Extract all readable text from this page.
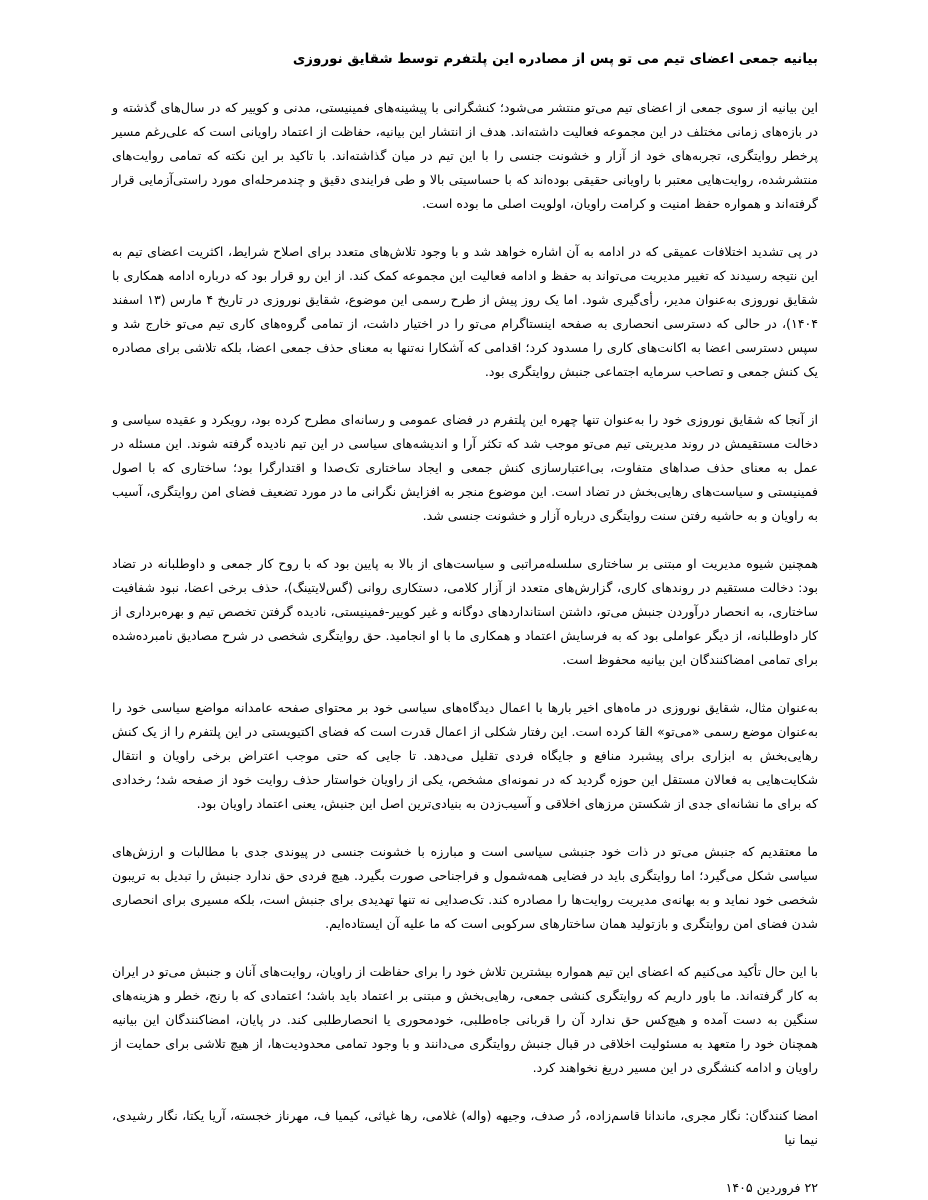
بیانیه جمعی اعضای تیم می تو پس از مصادره این پلتفرم توسط شقایق نوروزی

این بیانیه از سوی جمعی از اعضای تیم می‌تو منتشر می‌شود؛ کنشگرانی با پیشینه‌های فمینیستی، مدنی و کوییر که در سال‌های گذشته و در بازه‌های زمانی مختلف در این مجموعه فعالیت داشته‌اند. هدف از انتشار این بیانیه، حفاظت از اعتماد راویانی است که علی‌رغم مسیر پرخطر روایتگری، تجربه‌های خود از آزار و خشونت جنسی را با این تیم در میان گذاشته‌اند. با تاکید بر این نکته که تمامی روایت‌های منتشرشده، روایت‌هایی معتبر با راویانی حقیقی بوده‌اند که با حساسیتی بالا و طی فرایندی دقیق و چندمرحله‌ای مورد راستی‌آزمایی قرار گرفته‌اند و همواره حفظ امنیت و کرامت راویان، اولویت اصلی ما بوده است.

در پی تشدید اختلافات عمیقی که در ادامه به آن اشاره خواهد شد و با وجود تلاش‌های متعدد برای اصلاح شرایط، اکثریت اعضای تیم به این نتیجه رسیدند که تغییر مدیریت می‌تواند به حفظ و ادامه فعالیت این مجموعه کمک کند. از این رو قرار بود که درباره ادامه همکاری با شقایق نوروزی به‌عنوان مدیر، رأی‌گیری شود. اما یک روز پیش از طرح رسمی این موضوع، شقایق نوروزی در تاریخ ۴ مارس (۱۳ اسفند ۱۴۰۴)، در حالی که دسترسی انحصاری به صفحه اینستاگرام می‌تو را در اختیار داشت، از تمامی گروه‌های کاری تیم می‌تو خارج شد و سپس دسترسی اعضا به اکانت‌های کاری را مسدود کرد؛ اقدامی که آشکارا نه‌تنها به معنای حذف جمعی اعضا، بلکه تلاشی برای مصادره یک کنش جمعی و تصاحب سرمایه اجتماعی جنبش روایتگری بود.

از آنجا که شقایق نوروزی خود را به‌عنوان تنها چهره این پلتفرم در فضای عمومی و رسانه‌ای مطرح کرده بود، رویکرد و عقیده سیاسی و دخالت مستقیمش در روند مدیریتی تیم می‌تو موجب شد که تکثر آرا و اندیشه‌های سیاسی در این تیم نادیده گرفته شوند. این مسئله در عمل به معنای حذف صداهای متفاوت، بی‌اعتبارسازی کنش جمعی و ایجاد ساختاری تک‌صدا و اقتدارگرا بود؛ ساختاری که با اصول فمینیستی و سیاست‌های رهایی‌بخش در تضاد است. این موضوع منجر به افزایش نگرانی ما در مورد تضعیف فضای امن روایتگری، آسیب به راویان و به حاشیه رفتن سنت روایتگری درباره آزار و خشونت جنسی شد.

همچنین شیوه مدیریت او مبتنی بر ساختاری سلسله‌مراتبی و سیاست‌های از بالا به پایین بود که با روح کار جمعی و داوطلبانه در تضاد بود: دخالت مستقیم در روندهای کاری، گزارش‌های متعدد از آزار کلامی، دستکاری روانی (گس‌لایتینگ)، حذف برخی اعضا، نبود شفافیت ساختاری، به انحصار درآوردن جنبش می‌تو، داشتن استانداردهای دوگانه و غیر کوییر-فمینیستی، نادیده گرفتن تخصص تیم و بهره‌برداری از کار داوطلبانه، از دیگر عواملی بود که به فرسایش اعتماد و همکاری ما با او انجامید. حق روایتگری شخصی در شرح مصادیق نامبرده‌شده برای تمامی امضاکنندگان این بیانیه محفوظ است.

به‌عنوان مثال، شقایق نوروزی در ماه‌های اخیر بارها با اعمال دیدگاه‌های سیاسی خود بر محتوای صفحه عامدانه مواضع سیاسی خود را به‌عنوان موضع رسمی «می‌تو» القا کرده است. این رفتار شکلی از اعمال قدرت است که فضای اکتیویستی در این پلتفرم را از یک کنش رهایی‌بخش به ابزاری برای پیشبرد منافع و جایگاه فردی تقلیل می‌دهد. تا جایی که حتی موجب اعتراض برخی راویان و انتقال شکایت‌هایی به فعالان مستقل این حوزه گردید که در نمونه‌ای مشخص، یکی از راویان خواستار حذف روایت خود از صفحه شد؛ رخدادی که برای ما نشانه‌ای جدی از شکستن مرزهای اخلاقی و آسیب‌زدن به بنیادی‌ترین اصل این جنبش، یعنی اعتماد راویان بود.

ما معتقدیم که جنبش می‌تو در ذات خود جنبشی سیاسی است و مبارزه با خشونت جنسی در پیوندی جدی با مطالبات و ارزش‌های سیاسی شکل می‌گیرد؛ اما روایتگری باید در فضایی همه‌شمول و فراجناحی صورت بگیرد. هیچ فردی حق ندارد جنبش را تبدیل به تریبون شخصی خود نماید و به بهانه‌ی مدیریت روایت‌ها را مصادره کند. تک‌صدایی نه تنها تهدیدی برای جنبش است، بلکه مسیری برای انحصاری شدن فضای امن روایتگری و بازتولید همان ساختارهای سرکوبی است که ما علیه آن ایستاده‌ایم.

با این حال تأکید می‌کنیم که اعضای این تیم همواره بیشترین تلاش خود را برای حفاظت از راویان، روایت‌های آنان و جنبش می‌تو در ایران به کار گرفته‌اند. ما باور داریم که روایتگری کنشی جمعی، رهایی‌بخش و مبتنی بر اعتماد باید باشد؛ اعتمادی که با رنج، خطر و هزینه‌های سنگین به دست آمده و هیچ‌کس حق ندارد آن را قربانی جاه‌طلبی، خودمحوری یا انحصارطلبی کند. در پایان، امضاکنندگان این بیانیه همچنان خود را متعهد به مسئولیت اخلاقی در قبال جنبش روایتگری می‌دانند و با وجود تمامی محدودیت‌ها، از هیچ تلاشی برای حمایت از راویان و ادامه کنشگری در این مسیر دریغ نخواهند کرد.

امضا کنندگان: نگار مجری، ماندانا قاسم‌زاده، دُر صدف، وجیهه (واله) غلامی، رها غیاثی، کیمیا ف، مهرناز خجسته، آریا یکتا، نگار رشیدی، نیما نیا

۲۲ فروردین ۱۴۰۵
